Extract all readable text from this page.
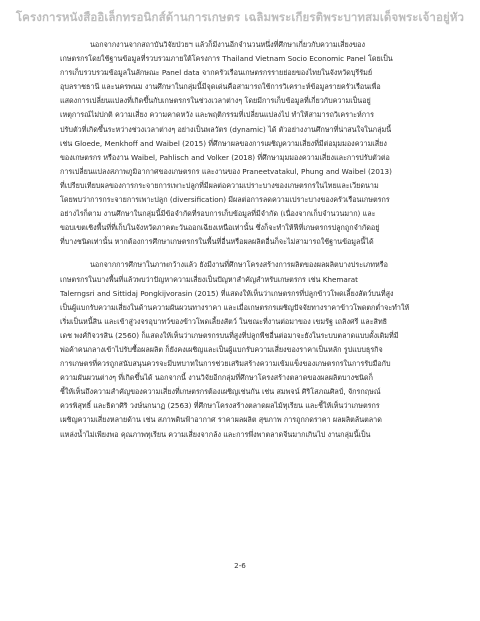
โครงการหนังสืออิเล็กทรอนิกส์ด้านการเกษตร เฉลิมพระเกียรติพระบาทสมเด็จพระเจ้าอยู่หัว

นอกจากงานจากสถาบันวิจัยป่วยฯ แล้วก็มีงานอีกจำนวนหนึ่งที่ศึกษาเกี่ยวกับความเสี่ยงของ

เกษตรกรโดยใช้ฐานข้อมูลที่รวบรวมภายใต้โครงการ Thailand Vietnam Socio Economic Panel โดยเป็น

การเก็บรวบรวมข้อมูลในลักษณะ Panel data จากครัวเรือนเกษตรกรรายย่อยของไทยในจังหวัดบุรีรัมย์

อุบลราชธานี และนครพนม งานศึกษาในกลุ่มนี้มีจุดเด่นคือสามารถใช้การวิเคราะห์ข้อมูลรายครัวเรือนเพื่อ

แสดงการเปลี่ยนแปลงที่เกิดขึ้นกับเกษตรกรในช่วงเวลาต่างๆ โดยมีการเก็บข้อมูลที่เกี่ยวกับความเป็นอยู่

เหตุการณ์ไม่ปกติ ความเสี่ยง ความคาดหวัง และพฤติกรรมที่เปลี่ยนแปลงไป ทำให้สามารถวิเคราะห์การ

ปรับตัวที่เกิดขึ้นระหว่างช่วงเวลาต่างๆ อย่างเป็นพลวัตร (dynamic) ได้ ตัวอย่างงานศึกษาที่น่าสนใจในกลุ่มนี้

เช่น Gloede, Menkhoff and Waibel (2015) ที่ศึกษาผลของการเผชิญความเสี่ยงที่มีต่อมุมมองความเสี่ยง

ของเกษตรกร หรืองาน Waibel, Pahlisch and Volker (2018) ที่ศึกษามุมมองความเสี่ยงและการปรับตัวต่อ

การเปลี่ยนแปลงสภาพภูมิอากาศของเกษตรกร และงานของ Praneetvatakul, Phung and Waibel (2013)

ที่เปรียบเทียบผลของการกระจายการเพาะปลูกที่มีผลต่อความเปราะบางของเกษตรกรในไทยและเวียดนาม

โดยพบว่าการกระจายการเพาะปลูก (diversification) มีผลต่อการลดความเปราะบางของครัวเรือนเกษตรกร

อย่างไรก็ตาม งานศึกษาในกลุ่มนี้มีข้อจำกัดที่รอบการเก็บข้อมูลที่มีจำกัด (เนื่องจากเก็บจำนวนมาก) และ

ขอบเขตเชิงพื้นที่ที่เก็บในจังหวัดภาคตะวันออกเฉียงเหนือเท่านั้น ซึ่งก็จะทำให้ฟีที่เกษตรกรปลูกถูกจำกัดอยู่

ที่บางชนิดเท่านั้น หากต้องการศึกษาเกษตรกรในพื้นที่อื่นหรือผลผลิตอื่นก็จะไม่สามารถใช้ฐานข้อมูลนี้ได้

นอกจากการศึกษาในภาพกว้างแล้ว ยังมีงานที่ศึกษาโครงสร้างการผลิตของผลผลิตบางประเภทหรือ

เกษตรกรในบางพื้นที่แล้วพบว่าปัญหาความเสี่ยงเป็นปัญหาสำคัญสำหรับเกษตรกร เช่น Khemarat

Talerngsri and Sittidaj Pongkijvorasin (2015) ที่แสดงให้เห็นว่าเกษตรกรที่ปลูกข้าวโพดเลี้ยงสัตว์บนที่สูง

เป็นผู้แบกรับความเสี่ยงในด้านความผันผวนทางราคา และเมื่อเกษตรกรเผชิญปัจจัยทางราคาข้าวโพดตกต่ำจะทำให้

เริ่มเป็นหนี้สิน และเข้าสู่วงจรอุบาทว์ของข้าวโพดเลี้ยงสัตว์ ในขณะที่งานต่อมาของ เขมรัฐ เถลิงศรี และสิทธิ

เดช พงศ์กิจวรสิน (2560) ก็แสดงให้เห็นว่าเกษตรกรบนที่สูงที่ปลูกพืชอื่นต่อมาจะยังในระบบตลาดแบบดั้งเดิมที่มี

พ่อค้าคนกลางเข้าไปรับซื้อผลผลิต ก็ยังคงเผชิญและเป็นผู้แบกรับความเสี่ยงของราคาเป็นหลัก รูปแบบธุรกิจ

การเกษตรที่ควรถูกสนับสนุนควรจะมีบทบาทในการช่วยเสริมสร้างความเข้มแข็งของเกษตรกรในการรับมือกับ

ความผันผวนต่างๆ ที่เกิดขึ้นได้ นอกจากนี้ งานวิจัยอีกกลุ่มที่ศึกษาโครงสร้างตลาดของผลผลิตบางชนิดก็

ชี้ให้เห็นถึงความสำคัญของความเสี่ยงที่เกษตรกรต้องเผชิญเช่นกัน เช่น สมพจน์ ศิริโสภณศิลป์, จักรกฤษณ์

ควรพิสุทธิ์ และธิดาศิริ วงษ์นกนาฏ (2563) ที่ศึกษาโครงสร้างตลาดผลไม้ทุเรียน และชี้ให้เห็นว่าเกษตรกร

เผชิญความเสี่ยงหลายด้าน เช่น สภาพดินฟ้าอากาศ ราคาผลผลิต สุขภาพ การถูกกดราคา ผลผลิตล้นตลาด

แหล่งน้ำไม่เพียงพอ คุณภาพทุเรียน ความเสี่ยงจากล้ง และการพึ่งพาตลาดจีนมากเกินไป งานกลุ่มนี้เป็น

2-6
